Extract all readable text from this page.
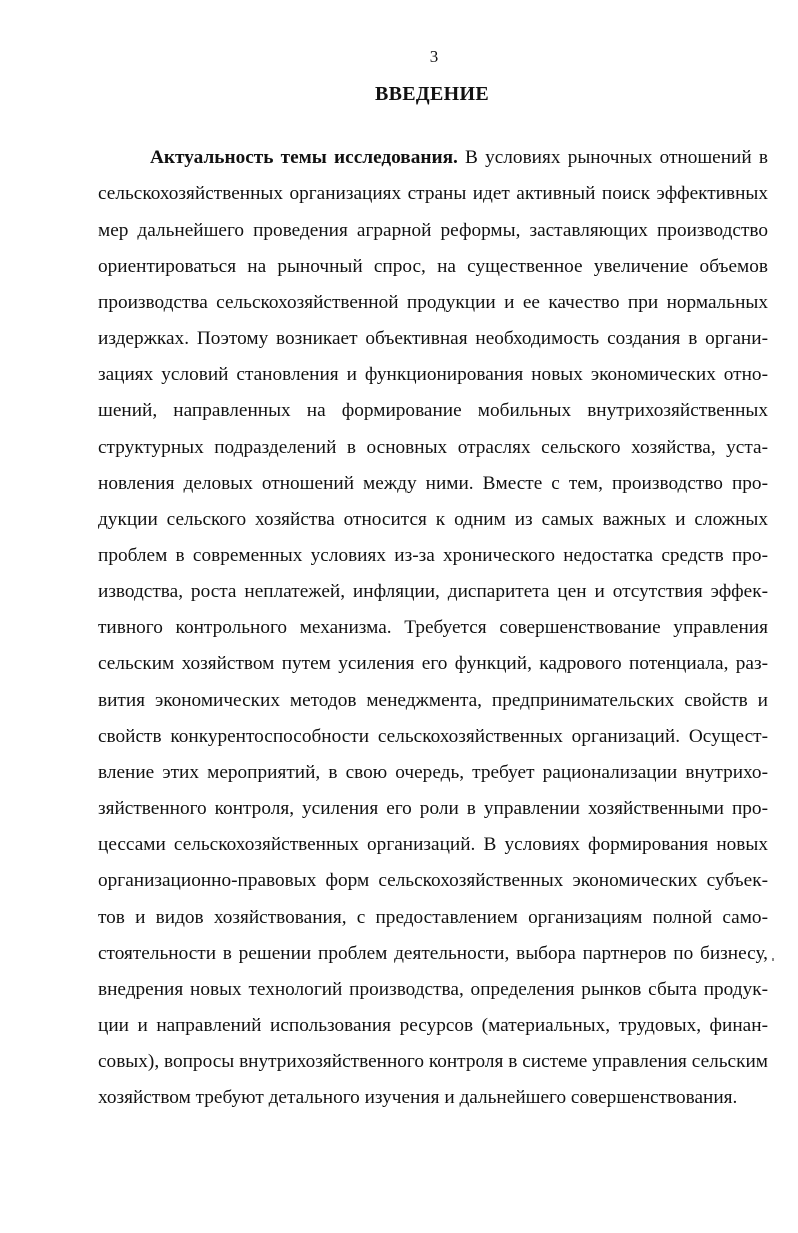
3
ВВЕДЕНИЕ

Актуальность темы исследования. В условиях рыночных отношений в сельскохозяйственных организациях страны идет активный поиск эффективных мер дальнейшего проведения аграрной реформы, заставляющих производство ориентироваться на рыночный спрос, на существенное увеличение объемов производства сельскохозяйственной продукции и ее качество при нормальных издержках. Поэтому возникает объективная необходимость создания в организациях условий становления и функционирования новых экономических отношений, направленных на формирование мобильных внутрихозяйственных структурных подразделений в основных отраслях сельского хозяйства, установления деловых отношений между ними. Вместе с тем, производство продукции сельского хозяйства относится к одним из самых важных и сложных проблем в современных условиях из-за хронического недостатка средств производства, роста неплатежей, инфляции, диспаритета цен и отсутствия эффективного контрольного механизма. Требуется совершенствование управления сельским хозяйством путем усиления его функций, кадрового потенциала, развития экономических методов менеджмента, предпринимательских свойств и свойств конкурентоспособности сельскохозяйственных организаций. Осуществление этих мероприятий, в свою очередь, требует рационализации внутрихозяйственного контроля, усиления его роли в управлении хозяйственными процессами сельскохозяйственных организаций. В условиях формирования новых организационно-правовых форм сельскохозяйственных экономических субъектов и видов хозяйствования, с предоставлением организациям полной самостоятельности в решении проблем деятельности, выбора партнеров по бизнесу, внедрения новых технологий производства, определения рынков сбыта продукции и направлений использования ресурсов (материальных, трудовых, финансовых), вопросы внутрихозяйственного контроля в системе управления сельским хозяйством требуют детального изучения и дальнейшего совершенствования.
